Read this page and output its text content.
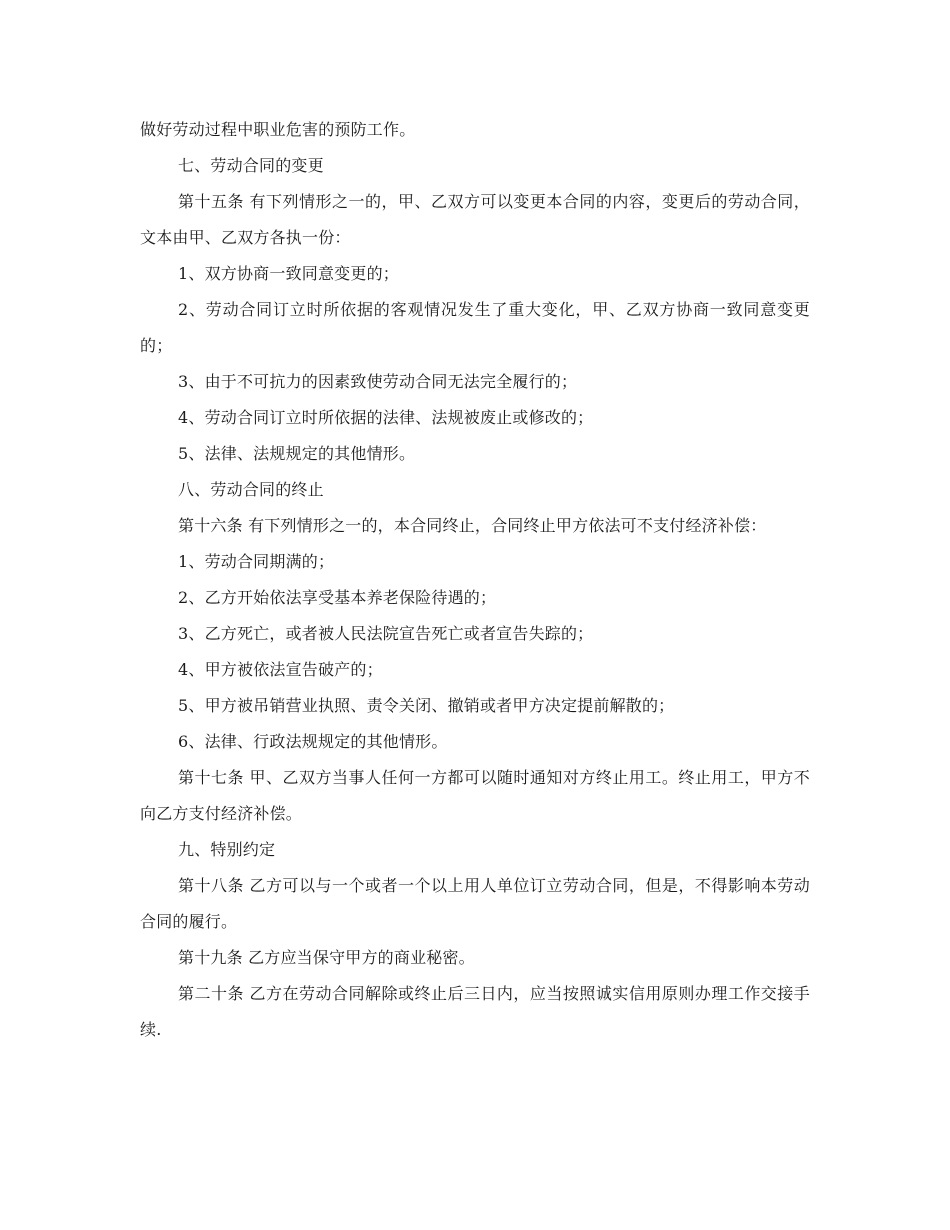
做好劳动过程中职业危害的预防工作。

七、劳动合同的变更

第十五条 有下列情形之一的，甲、乙双方可以变更本合同的内容，变更后的劳动合同，文本由甲、乙双方各执一份：

1、双方协商一致同意变更的；

2、劳动合同订立时所依据的客观情况发生了重大变化，甲、乙双方协商一致同意变更的；

3、由于不可抗力的因素致使劳动合同无法完全履行的；

4、劳动合同订立时所依据的法律、法规被废止或修改的；

5、法律、法规规定的其他情形。

八、劳动合同的终止

第十六条 有下列情形之一的，本合同终止，合同终止甲方依法可不支付经济补偿：

1、劳动合同期满的；

2、乙方开始依法享受基本养老保险待遇的；

3、乙方死亡，或者被人民法院宣告死亡或者宣告失踪的；

4、甲方被依法宣告破产的；

5、甲方被吊销营业执照、责令关闭、撤销或者甲方决定提前解散的；

6、法律、行政法规规定的其他情形。

第十七条 甲、乙双方当事人任何一方都可以随时通知对方终止用工。终止用工，甲方不向乙方支付经济补偿。

九、特别约定

第十八条 乙方可以与一个或者一个以上用人单位订立劳动合同，但是，不得影响本劳动合同的履行。

第十九条 乙方应当保守甲方的商业秘密。

第二十条 乙方在劳动合同解除或终止后三日内，应当按照诚实信用原则办理工作交接手续.
